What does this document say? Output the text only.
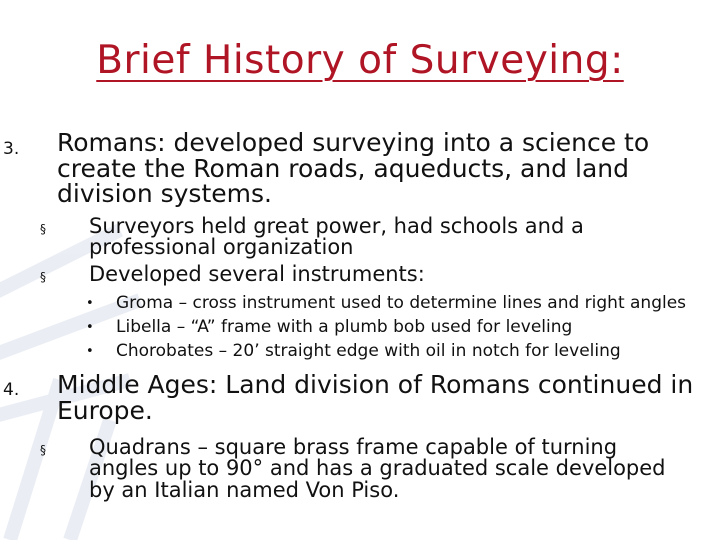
Brief History of Surveying:
3. Romans: developed surveying into a science to create the Roman roads, aqueducts, and land division systems.
§ Surveyors held great power, had schools and a professional organization
§ Developed several instruments:
• Groma – cross instrument used to determine lines and right angles
• Libella – “A” frame with a plumb bob used for leveling
• Chorobates – 20’ straight edge with oil in notch for leveling
4. Middle Ages: Land division of Romans continued in Europe.
§ Quadrans – square brass frame capable of turning angles up to 90° and has a graduated scale developed by an Italian named Von Piso.
